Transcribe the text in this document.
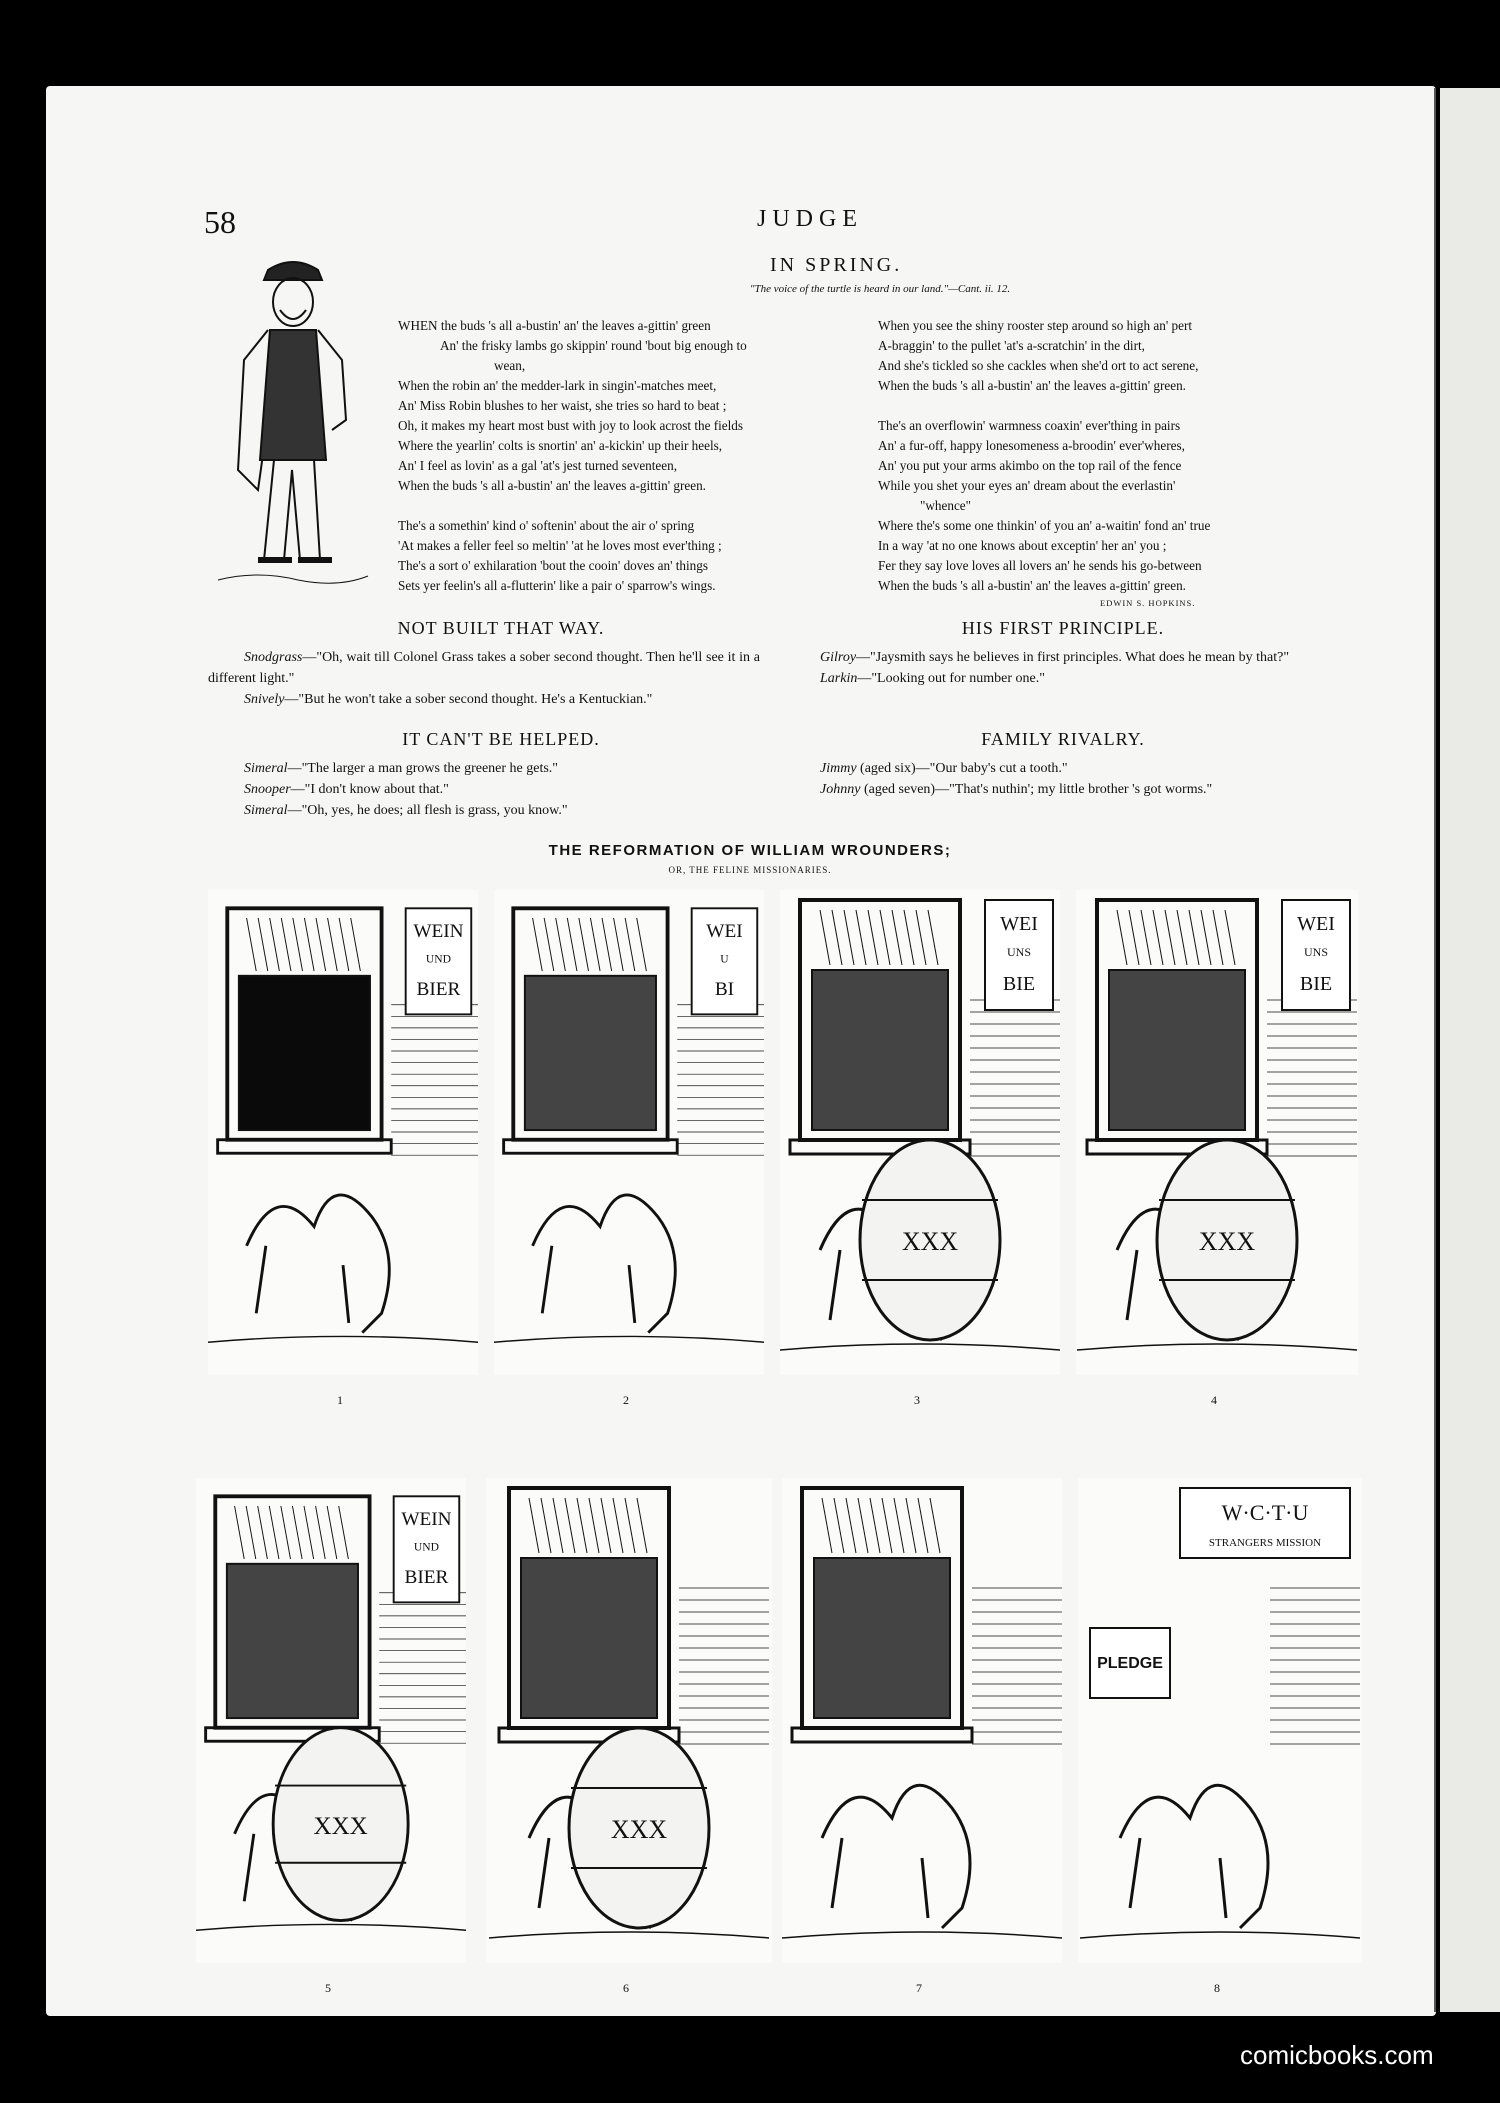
58	JUDGE
IN SPRING.
"The voice of the turtle is heard in our land."—Cant. ii. 12.
WHEN the buds 's all a-bustin' an' the leaves a-gittin' green
An' the frisky lambs go skippin' round 'bout big enough to
wean,
When the robin an' the medder-lark in singin'-matches meet,
An' Miss Robin blushes to her waist, she tries so hard to beat ;
Oh, it makes my heart most bust with joy to look acrost the fields
Where the yearlin' colts is snortin' an' a-kickin' up their heels,
An' I feel as lovin' as a gal 'at's jest turned seventeen,
When the buds 's all a-bustin' an' the leaves a-gittin' green.
The's a somethin' kind o' softenin' about the air o' spring
'At makes a feller feel so meltin' 'at he loves most ever'thing ;
The's a sort o' exhilaration 'bout the cooin' doves an' things
Sets yer feelin's all a-flutterin' like a pair o' sparrow's wings.
When you see the shiny rooster step around so high an' pert
A-braggin' to the pullet 'at's a-scratchin' in the dirt,
And she's tickled so she cackles when she'd ort to act serene,
When the buds 's all a-bustin' an' the leaves a-gittin' green.
The's an overflowin' warmness coaxin' ever'thing in pairs
An' a fur-off, happy lonesomeness a-broodin' ever'wheres,
An' you put your arms akimbo on the top rail of the fence
While you shet your eyes an' dream about the everlastin'
"whence"
Where the's some one thinkin' of you an' a-waitin' fond an' true
In a way 'at no one knows about exceptin' her an' you ;
Fer they say love loves all lovers an' he sends his go-between
When the buds 's all a-bustin' an' the leaves a-gittin' green.
EDWIN S. HOPKINS.
NOT BUILT THAT WAY.

Snodgrass—"Oh, wait till Colonel Grass takes a sober second thought. Then he'll see it in a different light."

Snively—"But he won't take a sober second thought. He's a Kentuckian."

IT CAN'T BE HELPED.

Simeral—"The larger a man grows the greener he gets."

Snooper—"I don't know about that."

Simeral—"Oh, yes, he does; all flesh is grass, you know."

HIS FIRST PRINCIPLE.

Gilroy—"Jaysmith says he believes in first principles. What does he mean by that?"

Larkin—"Looking out for number one."

FAMILY RIVALRY.

Jimmy (aged six)—"Our baby's cut a tooth."

Johnny (aged seven)—"That's nuthin'; my little brother 's got worms."

THE REFORMATION OF WILLIAM WROUNDERS;
OR, THE FELINE MISSIONARIES.
WEIN
UND
BIER
1
WEI
U
BI
2
WEI
UNS
BIE
XXX
3
WEI
UNS
BIE
XXX
4
WEIN
UND
BIER
XXX
5
XXX
6	7
W·C·T·U
STRANGERS MISSION
PLEDGE
8
comicbooks.com
